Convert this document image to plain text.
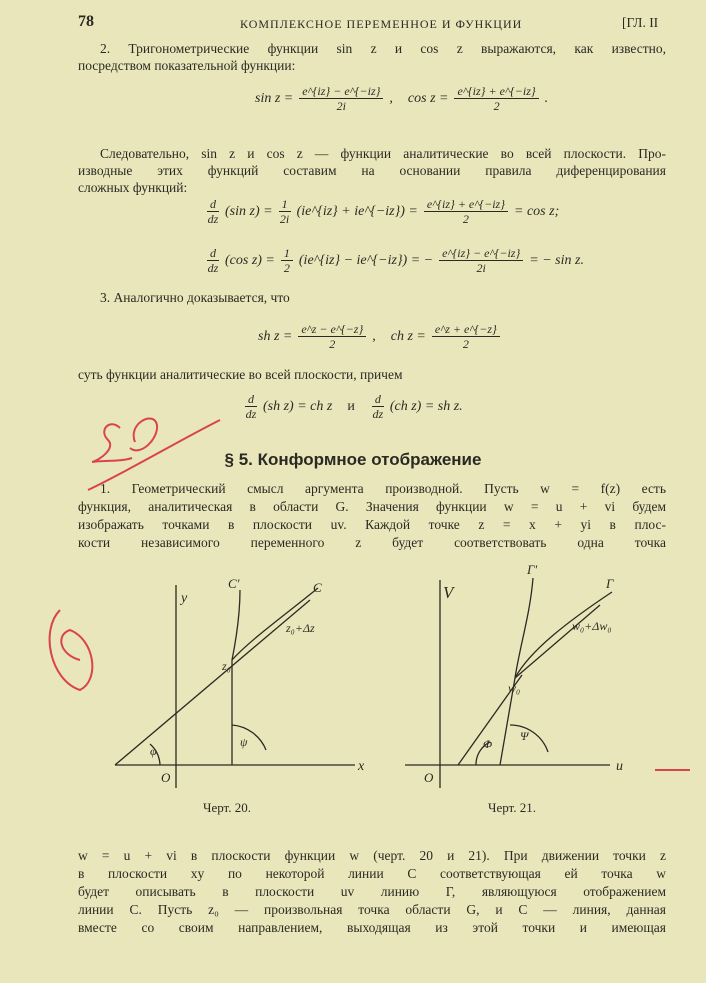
78	КОМПЛЕКСНОЕ ПЕРЕМЕННОЕ И ФУНКЦИИ	[ГЛ. II
2. Тригонометрические функции sin z и cos z выражаются, как известно,
посредством показательной функции:
$\sin z = \frac{e\^{}\{iz\} - e\^{}\{-iz\}}{2i}$ ,
$\cos z = \frac{e\^{}\{iz\} + e\^{}\{-iz\}}{2}$ .
Следовательно, sin z и cos z — функции аналитические во всей плоскости. Про-
изводные этих функций составим на основании правила диференцирования
сложных функций:
$\frac{d}{dz} (\sin$ $z) = \frac{1}{2i}$ (ie^{iz} + ie^{−iz}) = $\frac{e\^{}\{iz\} + e\^{}\{-iz\}}{2} = \cos z$;
$\frac{d}{dz} (\cos$ $z) = \frac{1}{2}$ (ie^{iz} − ie^{−iz}) = − $\frac{e\^{}\{iz\} - e\^{}\{-iz\}}{2i}$ = − sin z.
3. Аналогично доказывается, что
sh $z = \frac{e\^{}z - e\^{}\{-z\}}{2}$ ,
ch $z = \frac{e\^{}z + e\^{}\{-z\}}{2}$
суть функции аналитические во всей плоскости, причем
$\frac{d}{dz} (sh$ z) = ch z
и
$\frac{d}{dz} (ch$ z) = sh z.
§ 5. Конформное отображение
1. Геометрический смысл аргумента производной. Пусть w = f(z) есть
функция, аналитическая в области G. Значения функции w = u + vi будем
изображать точками в плоскости uv. Каждой точке z = x + yi в плос-
кости независимого переменного z будет соответствовать одна точка
y
x
O
C
C′
z₀
z₀+Δz
φ
ψ
V
u
O
Γ
Γ′
w₀
w₀+Δw₀
Φ
Ψ
Черт. 20.	Черт. 21.
w = u + vi в плоскости функции w (черт. 20 и 21). При движении точки z
в плоскости xy по некоторой линии C соответствующая ей точка w
будет описывать в плоскости uv линию Γ, являющуюся отображением
линии C. Пусть z₀ — произвольная точка области G, и C — линия, данная
вместе со своим направлением, выходящая из этой точки и имеющая
